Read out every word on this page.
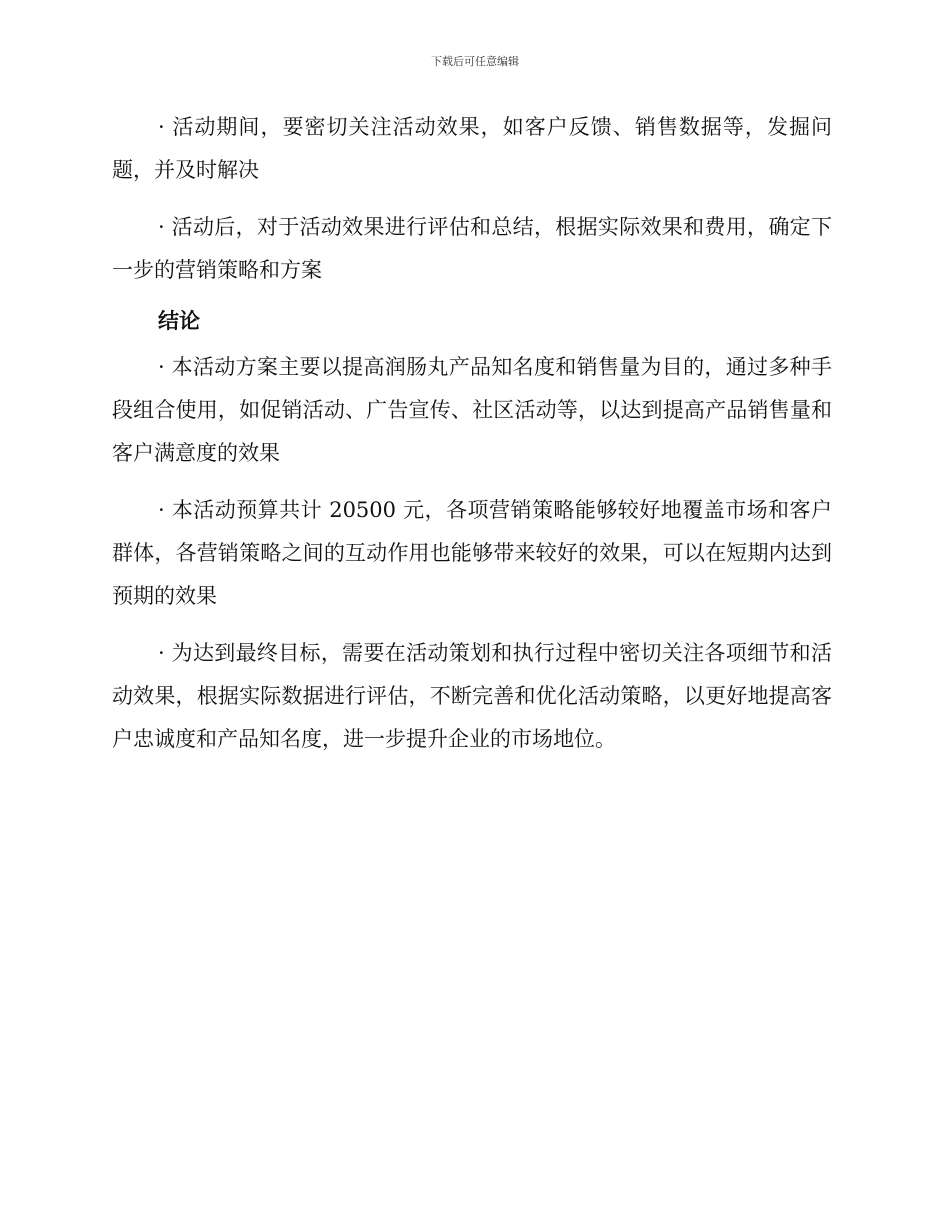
下载后可任意编辑

· 活动期间，要密切关注活动效果，如客户反馈、销售数据等，发掘问题，并及时解决

· 活动后，对于活动效果进行评估和总结，根据实际效果和费用，确定下一步的营销策略和方案

结论

· 本活动方案主要以提高润肠丸产品知名度和销售量为目的，通过多种手段组合使用，如促销活动、广告宣传、社区活动等，以达到提高产品销售量和客户满意度的效果

· 本活动预算共计 20500 元，各项营销策略能够较好地覆盖市场和客户群体，各营销策略之间的互动作用也能够带来较好的效果，可以在短期内达到预期的效果

· 为达到最终目标，需要在活动策划和执行过程中密切关注各项细节和活动效果，根据实际数据进行评估，不断完善和优化活动策略，以更好地提高客户忠诚度和产品知名度，进一步提升企业的市场地位。
